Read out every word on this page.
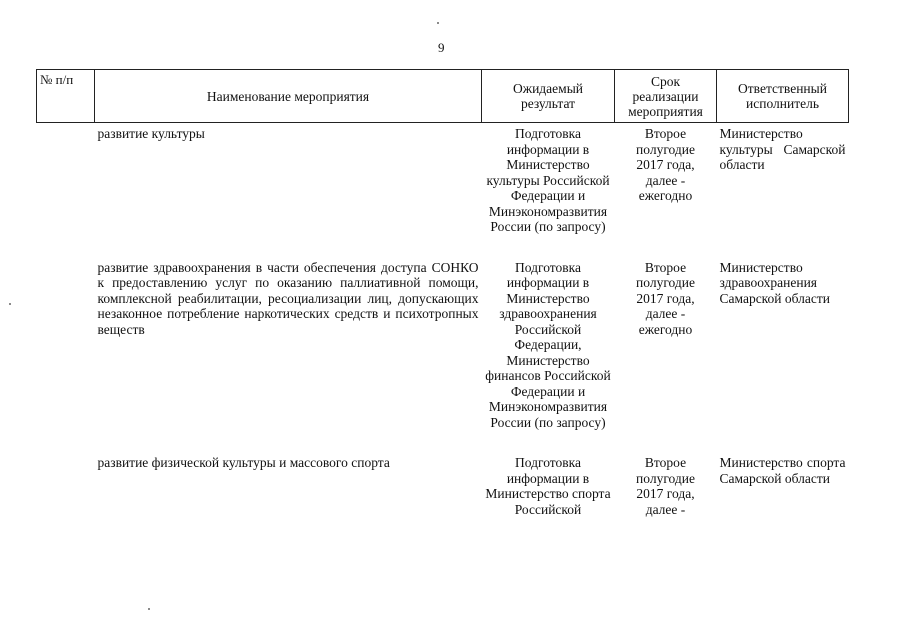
9
№ п/п	Наименование мероприятия	Ожидаемый результат	Срок реализации мероприятия	Ответственный исполнитель
	развитие культуры	Подготовка информации в Министерство культуры Российской Федерации и Минэкономразвития России (по запросу)	Второе полугодие 2017 года, далее - ежегодно	Министерство культуры Самарской области
	развитие здравоохранения в части обеспечения доступа СОНКО к предоставлению услуг по оказанию паллиативной помощи, комплексной реабилитации, ресоциализации лиц, допускающих незаконное потребление наркотических средств и психотропных веществ	Подготовка информации в Министерство здравоохранения Российской Федерации, Министерство финансов Российской Федерации и Минэкономразвития России (по запросу)	Второе полугодие 2017 года, далее - ежегодно	Министерство здравоохранения Самарской области
	развитие физической культуры и массового спорта	Подготовка информации в Министерство спорта Российской	Второе полугодие 2017 года, далее -	Министерство спорта Самарской области
